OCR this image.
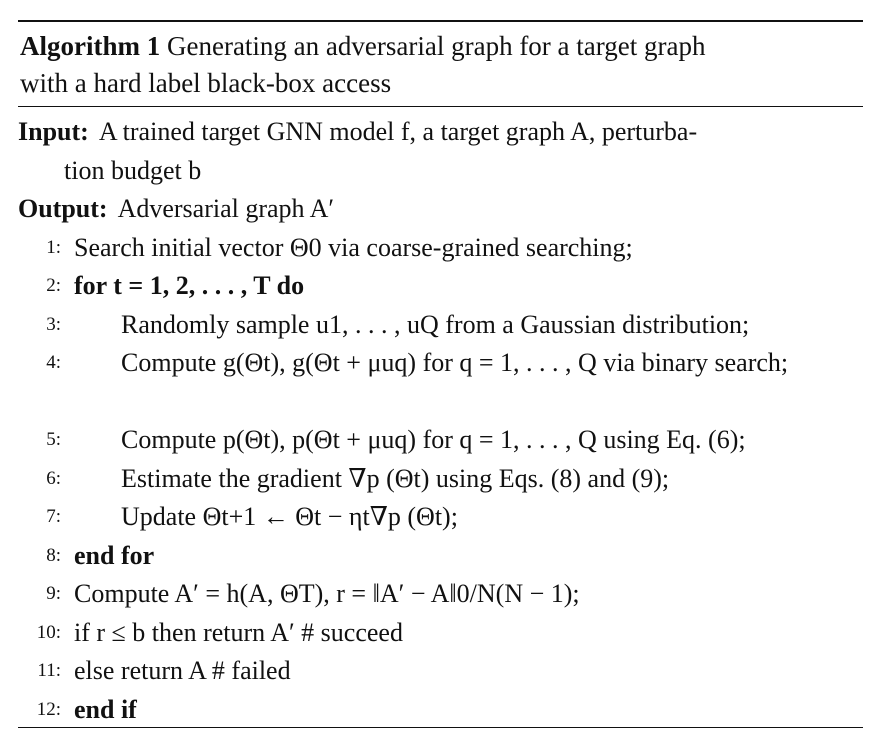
Algorithm 1 Generating an adversarial graph for a target graph
with a hard label black-box access
Input: A trained target GNN model f, a target graph A, perturba-
tion budget b
Output: Adversarial graph A′
1: Search initial vector Θ0 via coarse-grained searching;
2: for t = 1, 2, . . . , T do
3: Randomly sample u1, . . . , uQ from a Gaussian distribution;
4:	Compute g(Θt), g(Θt + μuq) for q = 1, . . . , Q via binary search;
5: Compute p(Θt), p(Θt + μuq) for q = 1, . . . , Q using Eq. (6);
6: Estimate the gradient ∇p (Θt) using Eqs. (8) and (9);
7: Update Θt+1 ← Θt − ηt∇p (Θt);
8: end for
9: Compute A′ = h(A, ΘT), r = ‖A′ − A‖0/N(N − 1);
10: if r ≤ b then return A′ # succeed
11: else return A # failed
12: end if
